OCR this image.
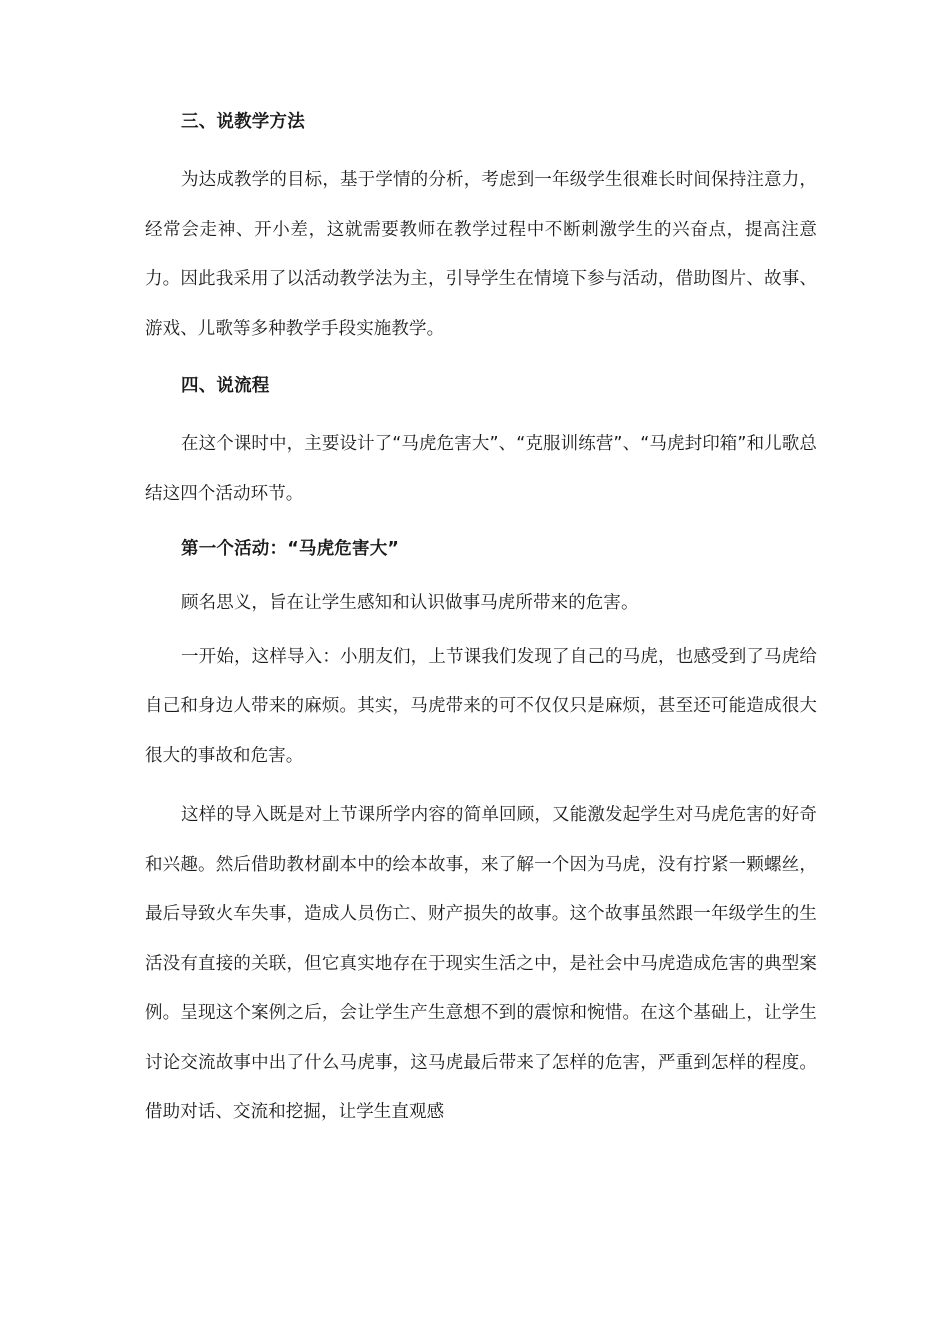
三、说教学方法

为达成教学的目标，基于学情的分析，考虑到一年级学生很难长时间保持注意力，经常会走神、开小差，这就需要教师在教学过程中不断刺激学生的兴奋点，提高注意力。因此我采用了以活动教学法为主，引导学生在情境下参与活动，借助图片、故事、游戏、儿歌等多种教学手段实施教学。

四、说流程

在这个课时中，主要设计了“马虎危害大”、“克服训练营”、“马虎封印箱”和儿歌总结这四个活动环节。

第一个活动：“马虎危害大”

顾名思义，旨在让学生感知和认识做事马虎所带来的危害。

一开始，这样导入：小朋友们，上节课我们发现了自己的马虎，也感受到了马虎给自己和身边人带来的麻烦。其实，马虎带来的可不仅仅只是麻烦，甚至还可能造成很大很大的事故和危害。

这样的导入既是对上节课所学内容的简单回顾，又能激发起学生对马虎危害的好奇和兴趣。然后借助教材副本中的绘本故事，来了解一个因为马虎，没有拧紧一颗螺丝，最后导致火车失事，造成人员伤亡、财产损失的故事。这个故事虽然跟一年级学生的生活没有直接的关联，但它真实地存在于现实生活之中，是社会中马虎造成危害的典型案例。呈现这个案例之后，会让学生产生意想不到的震惊和惋惜。在这个基础上，让学生讨论交流故事中出了什么马虎事，这马虎最后带来了怎样的危害，严重到怎样的程度。借助对话、交流和挖掘，让学生直观感
